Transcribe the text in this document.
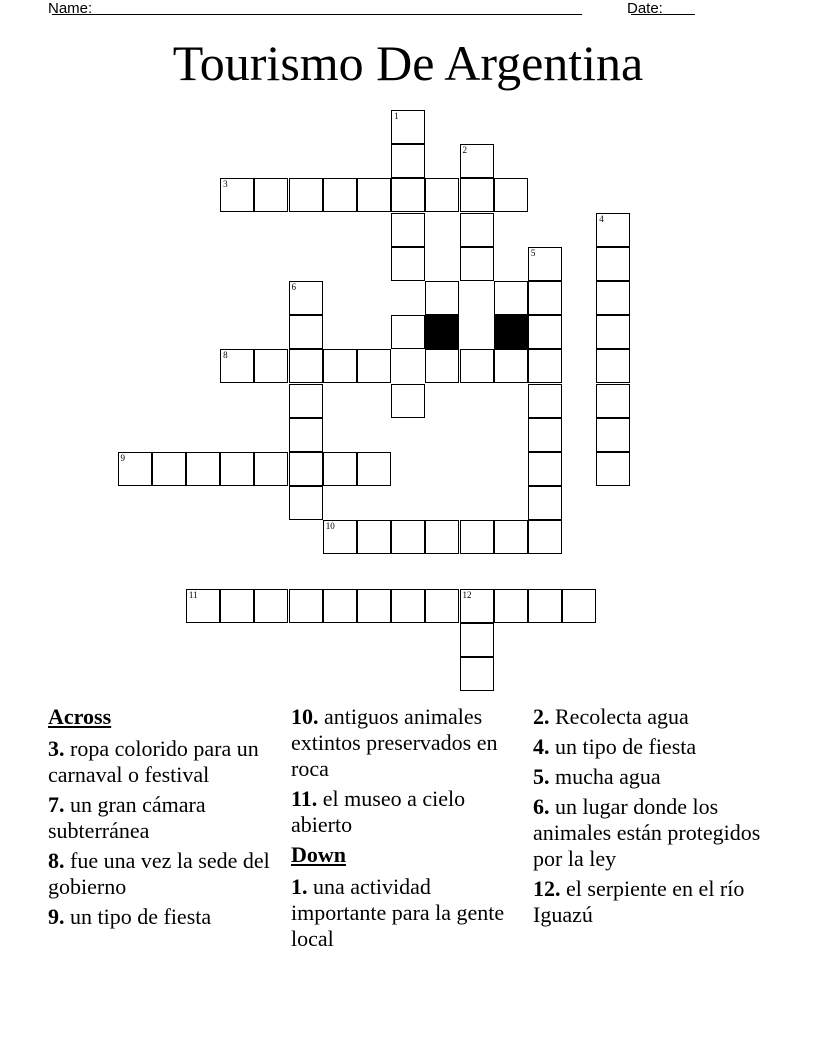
Name:	Date:
Tourismo De Argentina
1
2
3
4
5
6
8
9
10
11	12
Across
3. ropa colorido para un carnaval o festival
7. un gran cámara subterránea
8. fue una vez la sede del gobierno
9. un tipo de fiesta
10. antiguos animales extintos preservados en roca
11. el museo a cielo abierto
Down
1. una actividad importante para la gente local
2. Recolecta agua
4. un tipo de fiesta
5. mucha agua
6. un lugar donde los animales están protegidos por la ley
12. el serpiente en el río Iguazú
